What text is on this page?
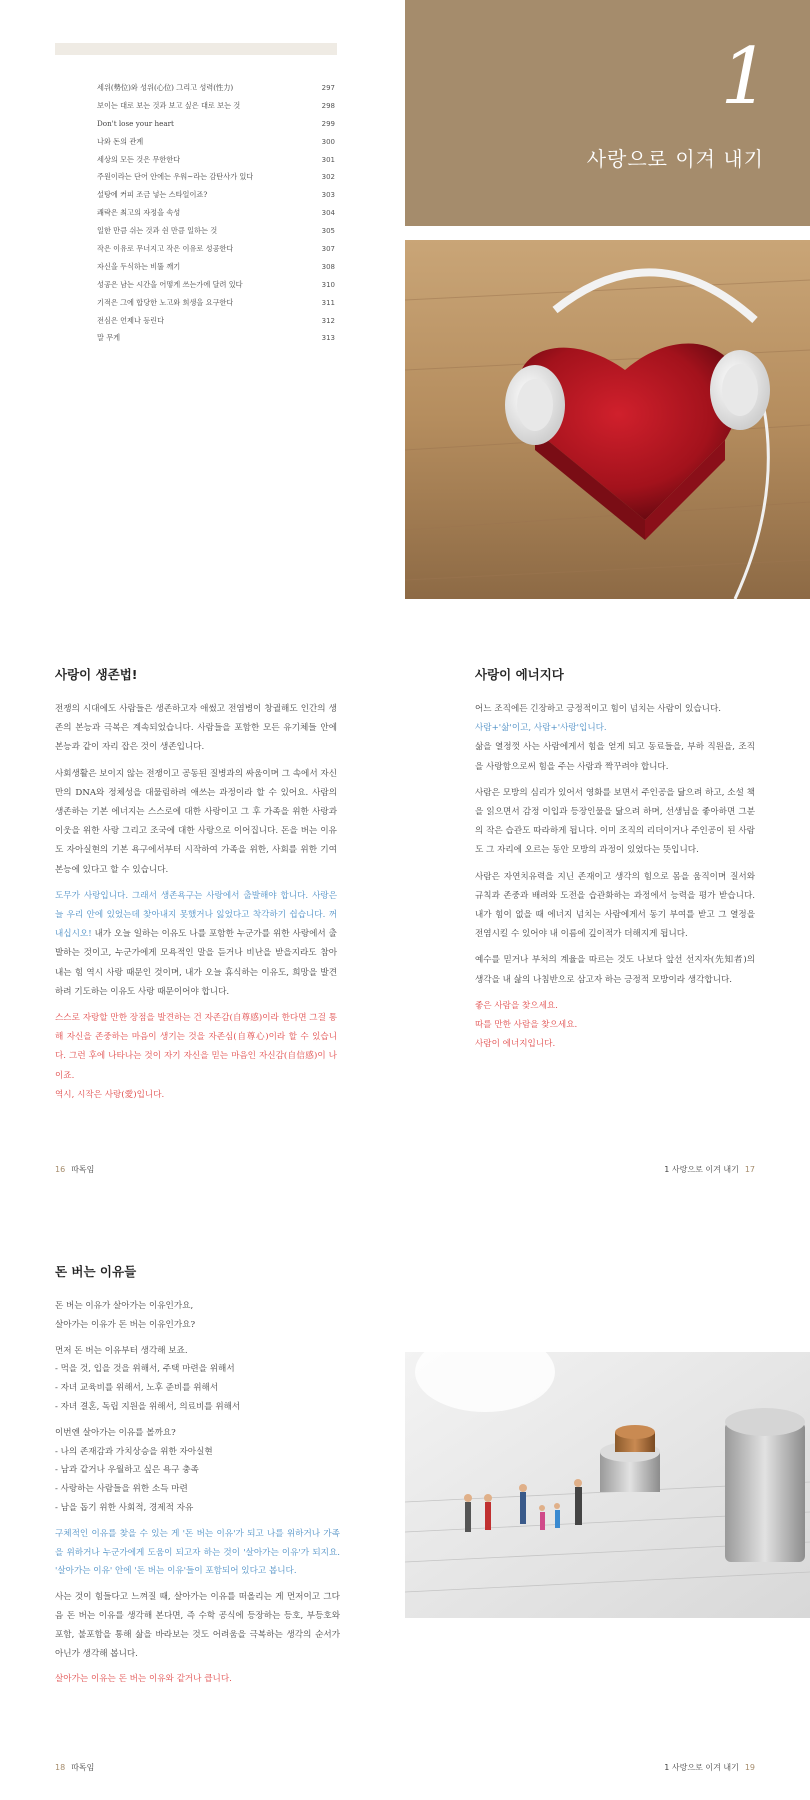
세위(勢位)와 성위(心位) 그리고 성력(性力)	297
보이는 대로 보는 것과 보고 싶은 대로 보는 것	298
Don't lose your heart	299
나와 돈의 관계	300
세상의 모든 것은 무한한다	301
주원이라는 단어 안에는 우워~라는 감탄사가 있다	302
설탕에 커피 조금 넣는 스타일이죠?	303
쾌락은 최고의 자정을 속성	304
일한 만큼 쉬는 것과 쉰 만큼 일하는 것	305
작은 이유로 무너지고 작은 이유로 성공한다	307
자신을 두식하는 비뚤 깨기	308
성공은 남는 시간을 어떻게 쓰는가에 달려 있다	310
기적은 그에 합당한 노고와 희생을 요구한다	311
전심은 언제나 등린다	312
말 무게	313
1
사랑으로 이겨 내기
사랑이 생존법!

전쟁의 시대에도 사람들은 생존하고자 애썼고 전염병이 창궐해도 인간의 생존의 본능과 극복은 계속되었습니다. 사람들을 포함한 모든 유기체들 안에 본능과 같이 자리 잡은 것이 생존입니다.

사회생활은 보이지 않는 전쟁이고 공동된 질병과의 싸움이며 그 속에서 자신만의 DNA와 정체성을 대물림하려 애쓰는 과정이라 할 수 있어요. 사람의 생존하는 기본 에너지는 스스로에 대한 사랑이고 그 후 가족을 위한 사랑과 이웃을 위한 사랑 그리고 조국에 대한 사랑으로 이어집니다. 돈을 버는 이유도 자아실현의 기본 욕구에서부터 시작하여 가족을 위한, 사회를 위한 기여본능에 있다고 할 수 있습니다.

도무가 사랑입니다. 그래서 생존욕구는 사랑에서 출발해야 합니다. 사랑은 늘 우리 안에 있었는데 찾아내지 못했거나 잃었다고 착각하기 쉽습니다. 꺼내십시오! 내가 오늘 일하는 이유도 나를 포함한 누군가를 위한 사랑에서 출발하는 것이고, 누군가에게 모욕적인 말을 듣거나 비난을 받을지라도 참아 내는 힘 역시 사랑 때문인 것이며, 내가 오늘 휴식하는 이유도, 희망을 발견하려 기도하는 이유도 사랑 때문이어야 합니다.

스스로 자랑할 만한 장점을 발견하는 건 자존감(自尊感)이라 한다면 그걸 통해 자신을 존중하는 마음이 생기는 것을 자존심(自尊心)이라 할 수 있습니다. 그런 후에 나타나는 것이 자기 자신을 믿는 마음인 자신감(自信感)이 나이죠.
역시, 시작은 사랑(愛)입니다.

사랑이 에너지다

어느 조직에든 긴장하고 긍정적이고 힘이 넘치는 사람이 있습니다.
사람+'삶'이고, 사람+'사랑'입니다.
삶을 열정껏 사는 사람에게서 힘을 얻게 되고 동료들을, 부하 직원을, 조직을 사랑함으로써 힘을 주는 사람과 짝꾸려야 합니다.

사람은 모방의 심리가 있어서 영화를 보면서 주인공을 닮으려 하고, 소설 책을 읽으면서 감정 이입과 등장인물을 닮으려 하며, 선생님을 좋아하면 그분의 작은 습관도 따라하게 됩니다. 이미 조직의 리더이거나 주인공이 된 사람도 그 자리에 오르는 동안 모방의 과정이 있었다는 뜻입니다.

사람은 자연치유력을 지닌 존재이고 생각의 힘으로 몸을 움직이며 질서와 규칙과 존중과 배려와 도전을 습관화하는 과정에서 능력을 평가 받습니다. 내가 힘이 없을 때 에너지 넘치는 사람에게서 동기 부여를 받고 그 열정을 전염시킬 수 있어야 내 이름에 깊이적가 더해지게 됩니다.

예수를 믿거나 부처의 계율을 따르는 것도 나보다 앞선 선지자(先知者)의 생각을 내 삶의 나침반으로 삼고자 하는 긍정적 모방이라 생각합니다.

좋은 사람을 찾으세요.
따를 만한 사람을 찾으세요.
사람이 에너지입니다.

16 따독임	1 사랑으로 이겨 내기 17
돈 버는 이유들

돈 버는 이유가 살아가는 이유인가요,
살아가는 이유가 돈 버는 이유인가요?

먼저 돈 버는 이유부터 생각해 보죠.
- 먹을 것, 입을 것을 위해서, 주택 마련을 위해서
- 자녀 교육비를 위해서, 노후 준비를 위해서
- 자녀 결혼, 독립 지원을 위해서, 의료비를 위해서

이번엔 살아가는 이유를 볼까요?
- 나의 존재감과 가치상승을 위한 자아실현
- 남과 같거나 우월하고 싶은 욕구 충족
- 사랑하는 사람들을 위한 소득 마련
- 남을 돕기 위한 사회적, 경제적 자유

구체적인 이유를 찾을 수 있는 게 '돈 버는 이유'가 되고 나를 위하거나 가족을 위하거나 누군가에게 도움이 되고자 하는 것이 '살아가는 이유'가 되지요. '살아가는 이유' 안에 '돈 버는 이유'들이 포함되어 있다고 봅니다.

사는 것이 힘들다고 느껴질 때, 살아가는 이유를 떠올리는 게 먼저이고 그다음 돈 버는 이유를 생각해 본다면, 즉 수학 공식에 등장하는 등호, 부등호와 포함, 불포함을 통해 삶을 바라보는 것도 어려움을 극복하는 생각의 순서가 아닌가 생각해 봅니다.

살아가는 이유는 돈 버는 이유와 같거나 큽니다.

18 따독임	1 사랑으로 이겨 내기 19
